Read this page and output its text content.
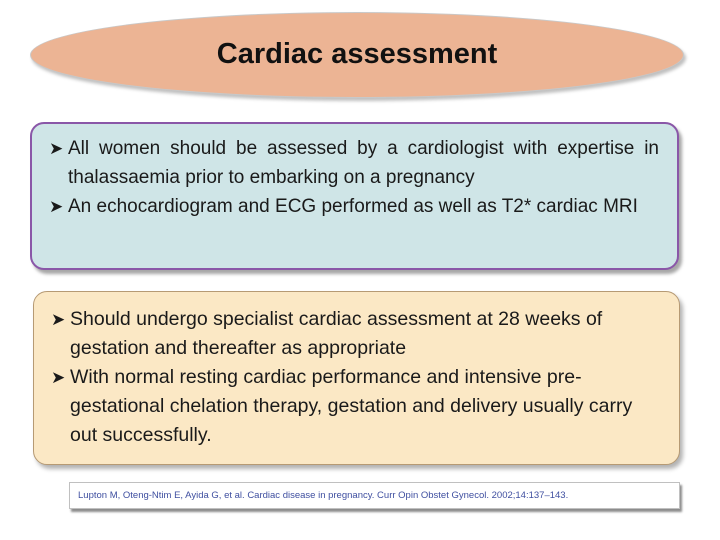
Cardiac assessment
➤ All women should be assessed by a cardiologist with expertise in thalassaemia prior to embarking on a pregnancy
➤ An echocardiogram and ECG performed as well as T2* cardiac MRI
➤ Should undergo specialist cardiac assessment at 28 weeks of gestation and thereafter as appropriate
➤ With normal resting cardiac performance and intensive pre-gestational chelation therapy, gestation and delivery usually carry out successfully.
Lupton M, Oteng-Ntim E, Ayida G, et al. Cardiac disease in pregnancy. Curr Opin Obstet Gynecol. 2002;14:137–143.
